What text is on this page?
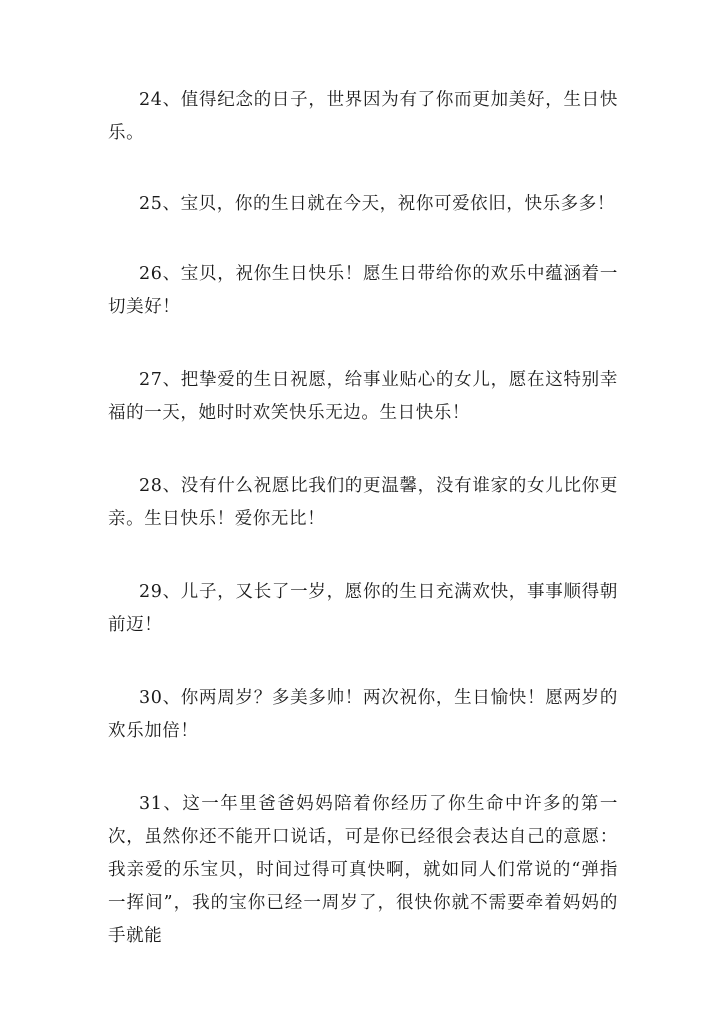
24、值得纪念的日子，世界因为有了你而更加美好，生日快乐。

25、宝贝，你的生日就在今天，祝你可爱依旧，快乐多多！

26、宝贝，祝你生日快乐！愿生日带给你的欢乐中蕴涵着一切美好！

27、把挚爱的生日祝愿，给事业贴心的女儿，愿在这特别幸福的一天，她时时欢笑快乐无边。生日快乐！

28、没有什么祝愿比我们的更温馨，没有谁家的女儿比你更亲。生日快乐！爱你无比！

29、儿子，又长了一岁，愿你的生日充满欢快，事事顺得朝前迈！

30、你两周岁？多美多帅！两次祝你，生日愉快！愿两岁的欢乐加倍！

31、这一年里爸爸妈妈陪着你经历了你生命中许多的第一次，虽然你还不能开口说话，可是你已经很会表达自己的意愿：我亲爱的乐宝贝，时间过得可真快啊，就如同人们常说的“弹指一挥间”，我的宝你已经一周岁了，很快你就不需要牵着妈妈的手就能
